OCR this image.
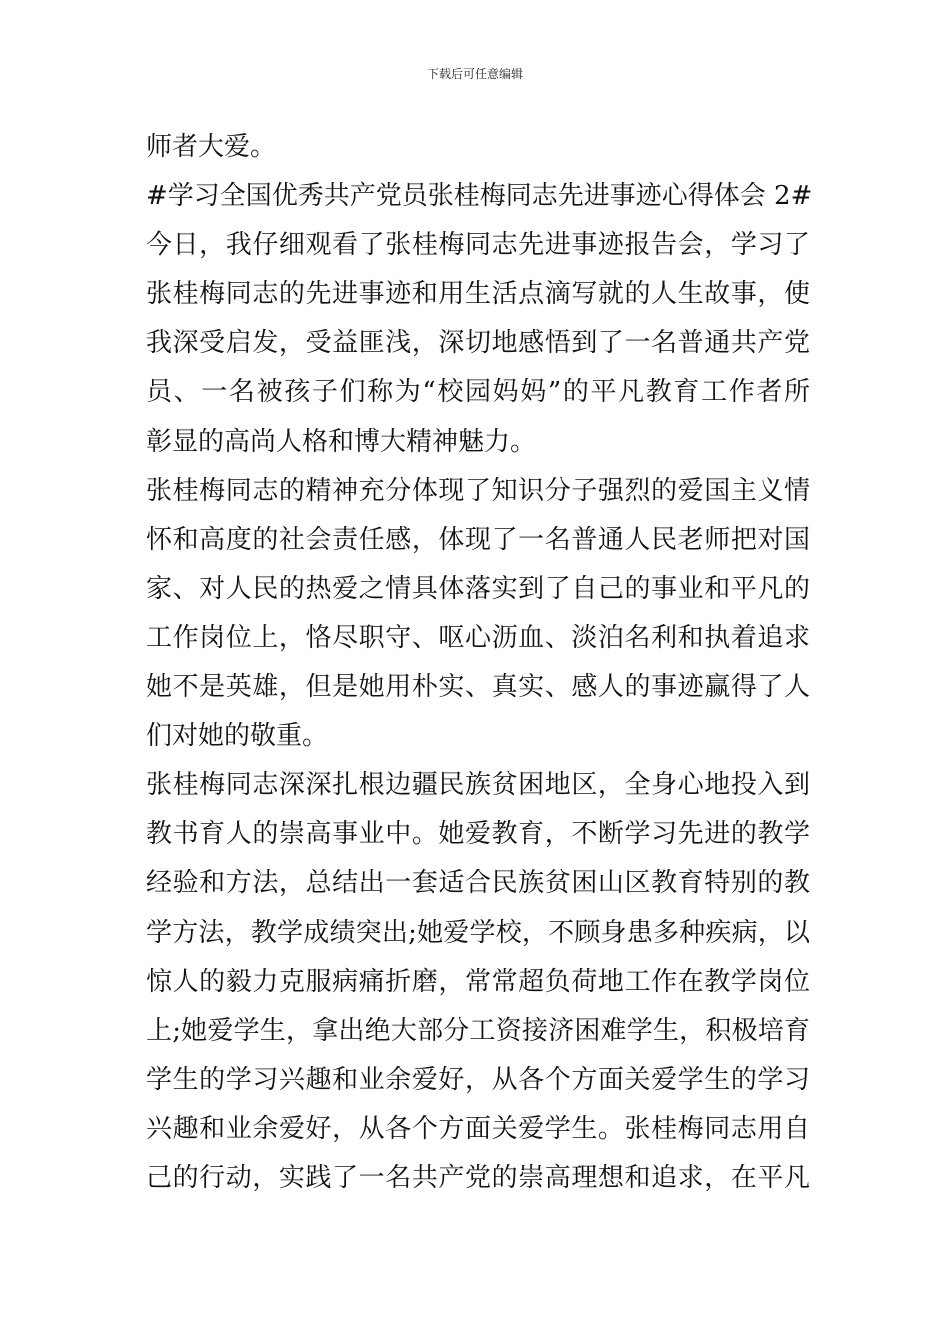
下载后可任意编辑
师者大爱。
#学习全国优秀共产党员张桂梅同志先进事迹心得体会 2#
今日，我仔细观看了张桂梅同志先进事迹报告会，学习了
张桂梅同志的先进事迹和用生活点滴写就的人生故事，使
我深受启发，受益匪浅，深切地感悟到了一名普通共产党
员、一名被孩子们称为“校园妈妈”的平凡教育工作者所
彰显的高尚人格和博大精神魅力。
张桂梅同志的精神充分体现了知识分子强烈的爱国主义情
怀和高度的社会责任感，体现了一名普通人民老师把对国
家、对人民的热爱之情具体落实到了自己的事业和平凡的
工作岗位上，恪尽职守、呕心沥血、淡泊名利和执着追求
她不是英雄，但是她用朴实、真实、感人的事迹赢得了人
们对她的敬重。
张桂梅同志深深扎根边疆民族贫困地区，全身心地投入到
教书育人的崇高事业中。她爱教育，不断学习先进的教学
经验和方法，总结出一套适合民族贫困山区教育特别的教
学方法，教学成绩突出;她爱学校，不顾身患多种疾病，以
惊人的毅力克服病痛折磨，常常超负荷地工作在教学岗位
上;她爱学生，拿出绝大部分工资接济困难学生，积极培育
学生的学习兴趣和业余爱好，从各个方面关爱学生的学习
兴趣和业余爱好，从各个方面关爱学生。张桂梅同志用自
己的行动，实践了一名共产党的崇高理想和追求，在平凡
